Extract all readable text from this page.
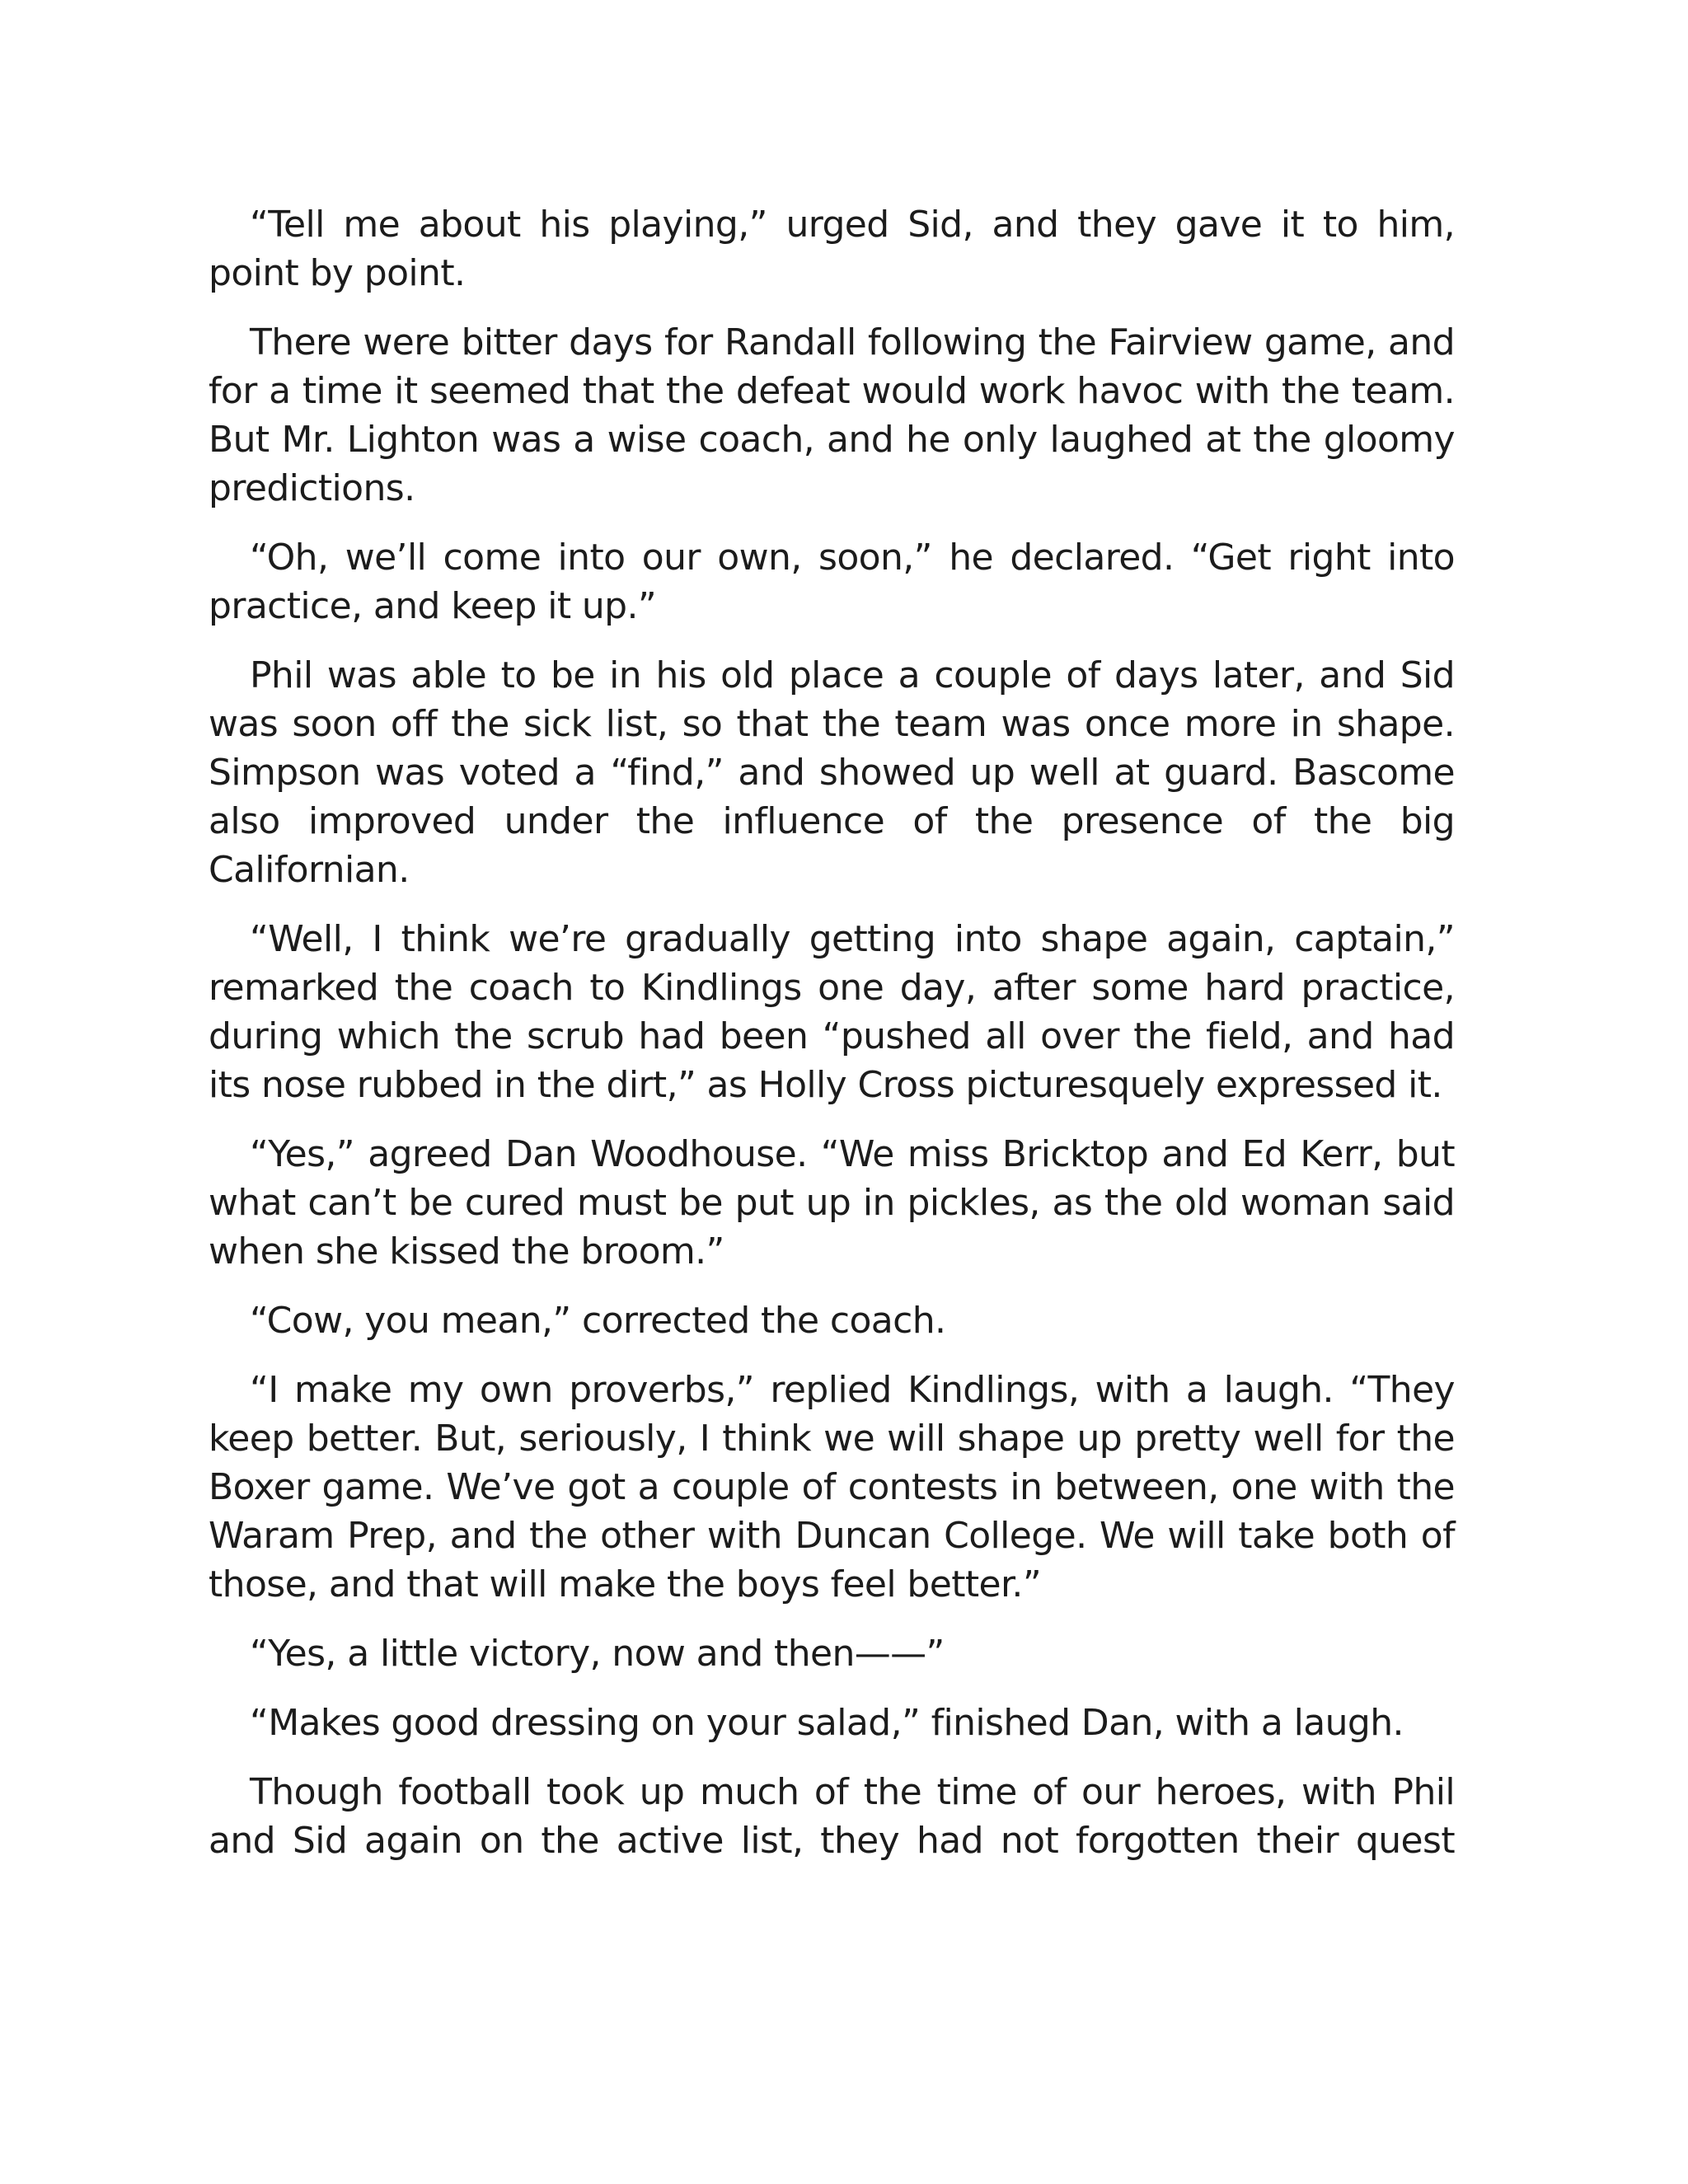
“Tell me about his playing,” urged Sid, and they gave it to him, point by point.

There were bitter days for Randall following the Fairview game, and for a time it seemed that the defeat would work havoc with the team. But Mr. Lighton was a wise coach, and he only laughed at the gloomy predictions.

“Oh, we’ll come into our own, soon,” he declared. “Get right into practice, and keep it up.”

Phil was able to be in his old place a couple of days later, and Sid was soon off the sick list, so that the team was once more in shape. Simpson was voted a “find,” and showed up well at guard. Bascome also improved under the influence of the presence of the big Californian.

“Well, I think we’re gradually getting into shape again, captain,” remarked the coach to Kindlings one day, after some hard practice, during which the scrub had been “pushed all over the field, and had its nose rubbed in the dirt,” as Holly Cross picturesquely expressed it.

“Yes,” agreed Dan Woodhouse. “We miss Bricktop and Ed Kerr, but what can’t be cured must be put up in pickles, as the old woman said when she kissed the broom.”

“Cow, you mean,” corrected the coach.

“I make my own proverbs,” replied Kindlings, with a laugh. “They keep better. But, seriously, I think we will shape up pretty well for the Boxer game. We’ve got a couple of contests in between, one with the Waram Prep, and the other with Duncan College. We will take both of those, and that will make the boys feel better.”

“Yes, a little victory, now and then——”

“Makes good dressing on your salad,” finished Dan, with a laugh.

Though football took up much of the time of our heroes, with Phil and Sid again on the active list, they had not forgotten their quest
